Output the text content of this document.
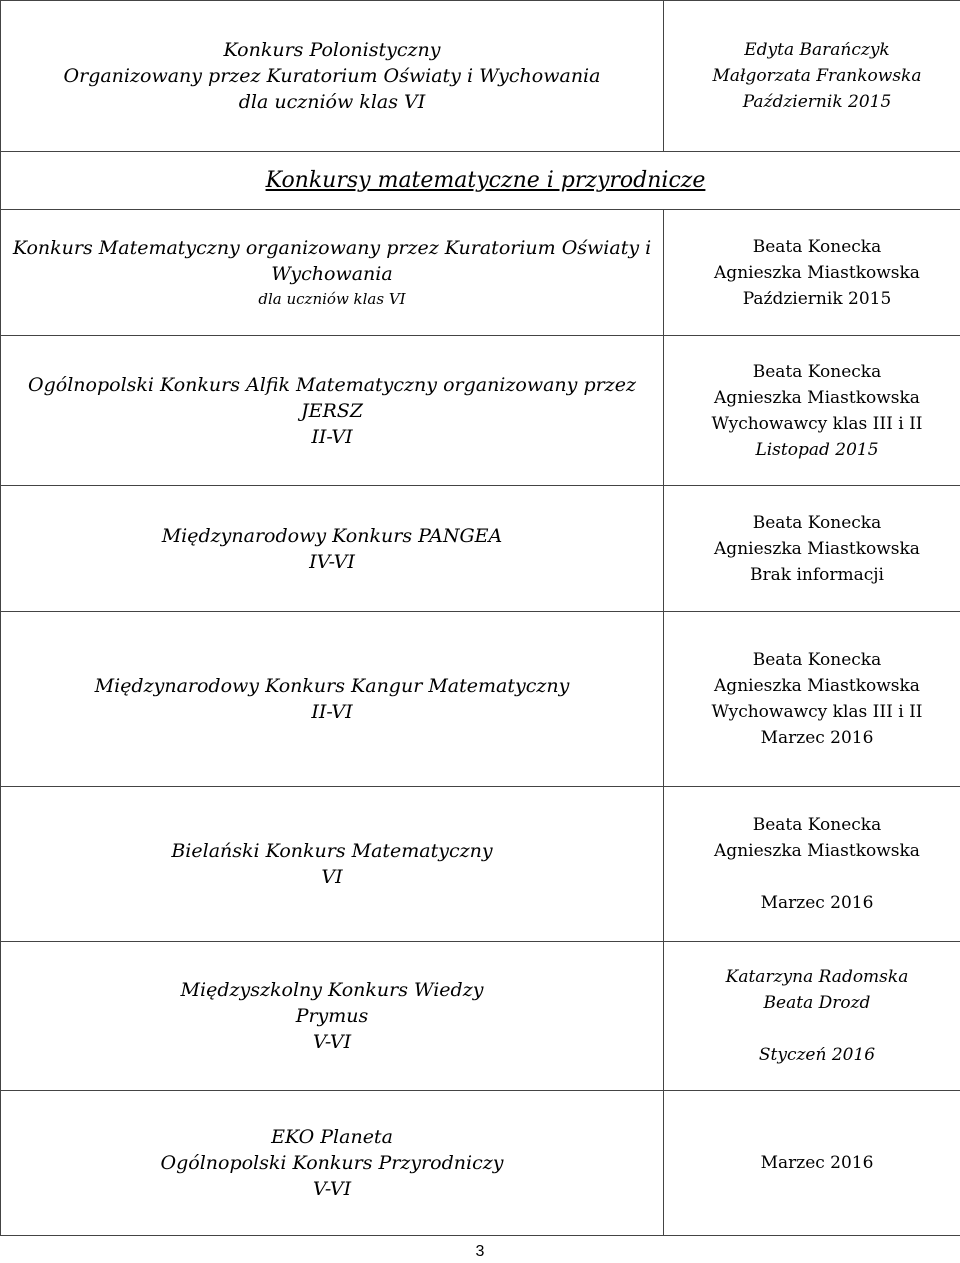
Konkurs Polonistyczny
Organizowany przez Kuratorium Oświaty i Wychowania
dla uczniów klas VI	Edyta Barańczyk
Małgorzata Frankowska
Październik 2015

Konkursy matematyczne i przyrodnicze	

Konkurs Matematyczny organizowany przez Kuratorium Oświaty i
Wychowania
dla uczniów klas VI	Beata Konecka
Agnieszka Miastkowska
Październik 2015

Ogólnopolski Konkurs Alfik Matematyczny organizowany przez
JERSZ
II-VI	Beata Konecka
Agnieszka Miastkowska
Wychowawcy klas III i II
Listopad 2015

Międzynarodowy Konkurs PANGEA
IV-VI	Beata Konecka
Agnieszka Miastkowska
Brak informacji

Międzynarodowy Konkurs Kangur Matematyczny
II-VI	Beata Konecka
Agnieszka Miastkowska
Wychowawcy klas III i II
Marzec 2016

Bielański Konkurs Matematyczny
VI	Beata Konecka
Agnieszka Miastkowska
Marzec 2016

Międzyszkolny Konkurs Wiedzy
Prymus
V-VI	Katarzyna Radomska
Beata Drozd
Styczeń 2016

EKO Planeta
Ogólnopolski Konkurs Przyrodniczy
V-VI	Marzec 2016
3
